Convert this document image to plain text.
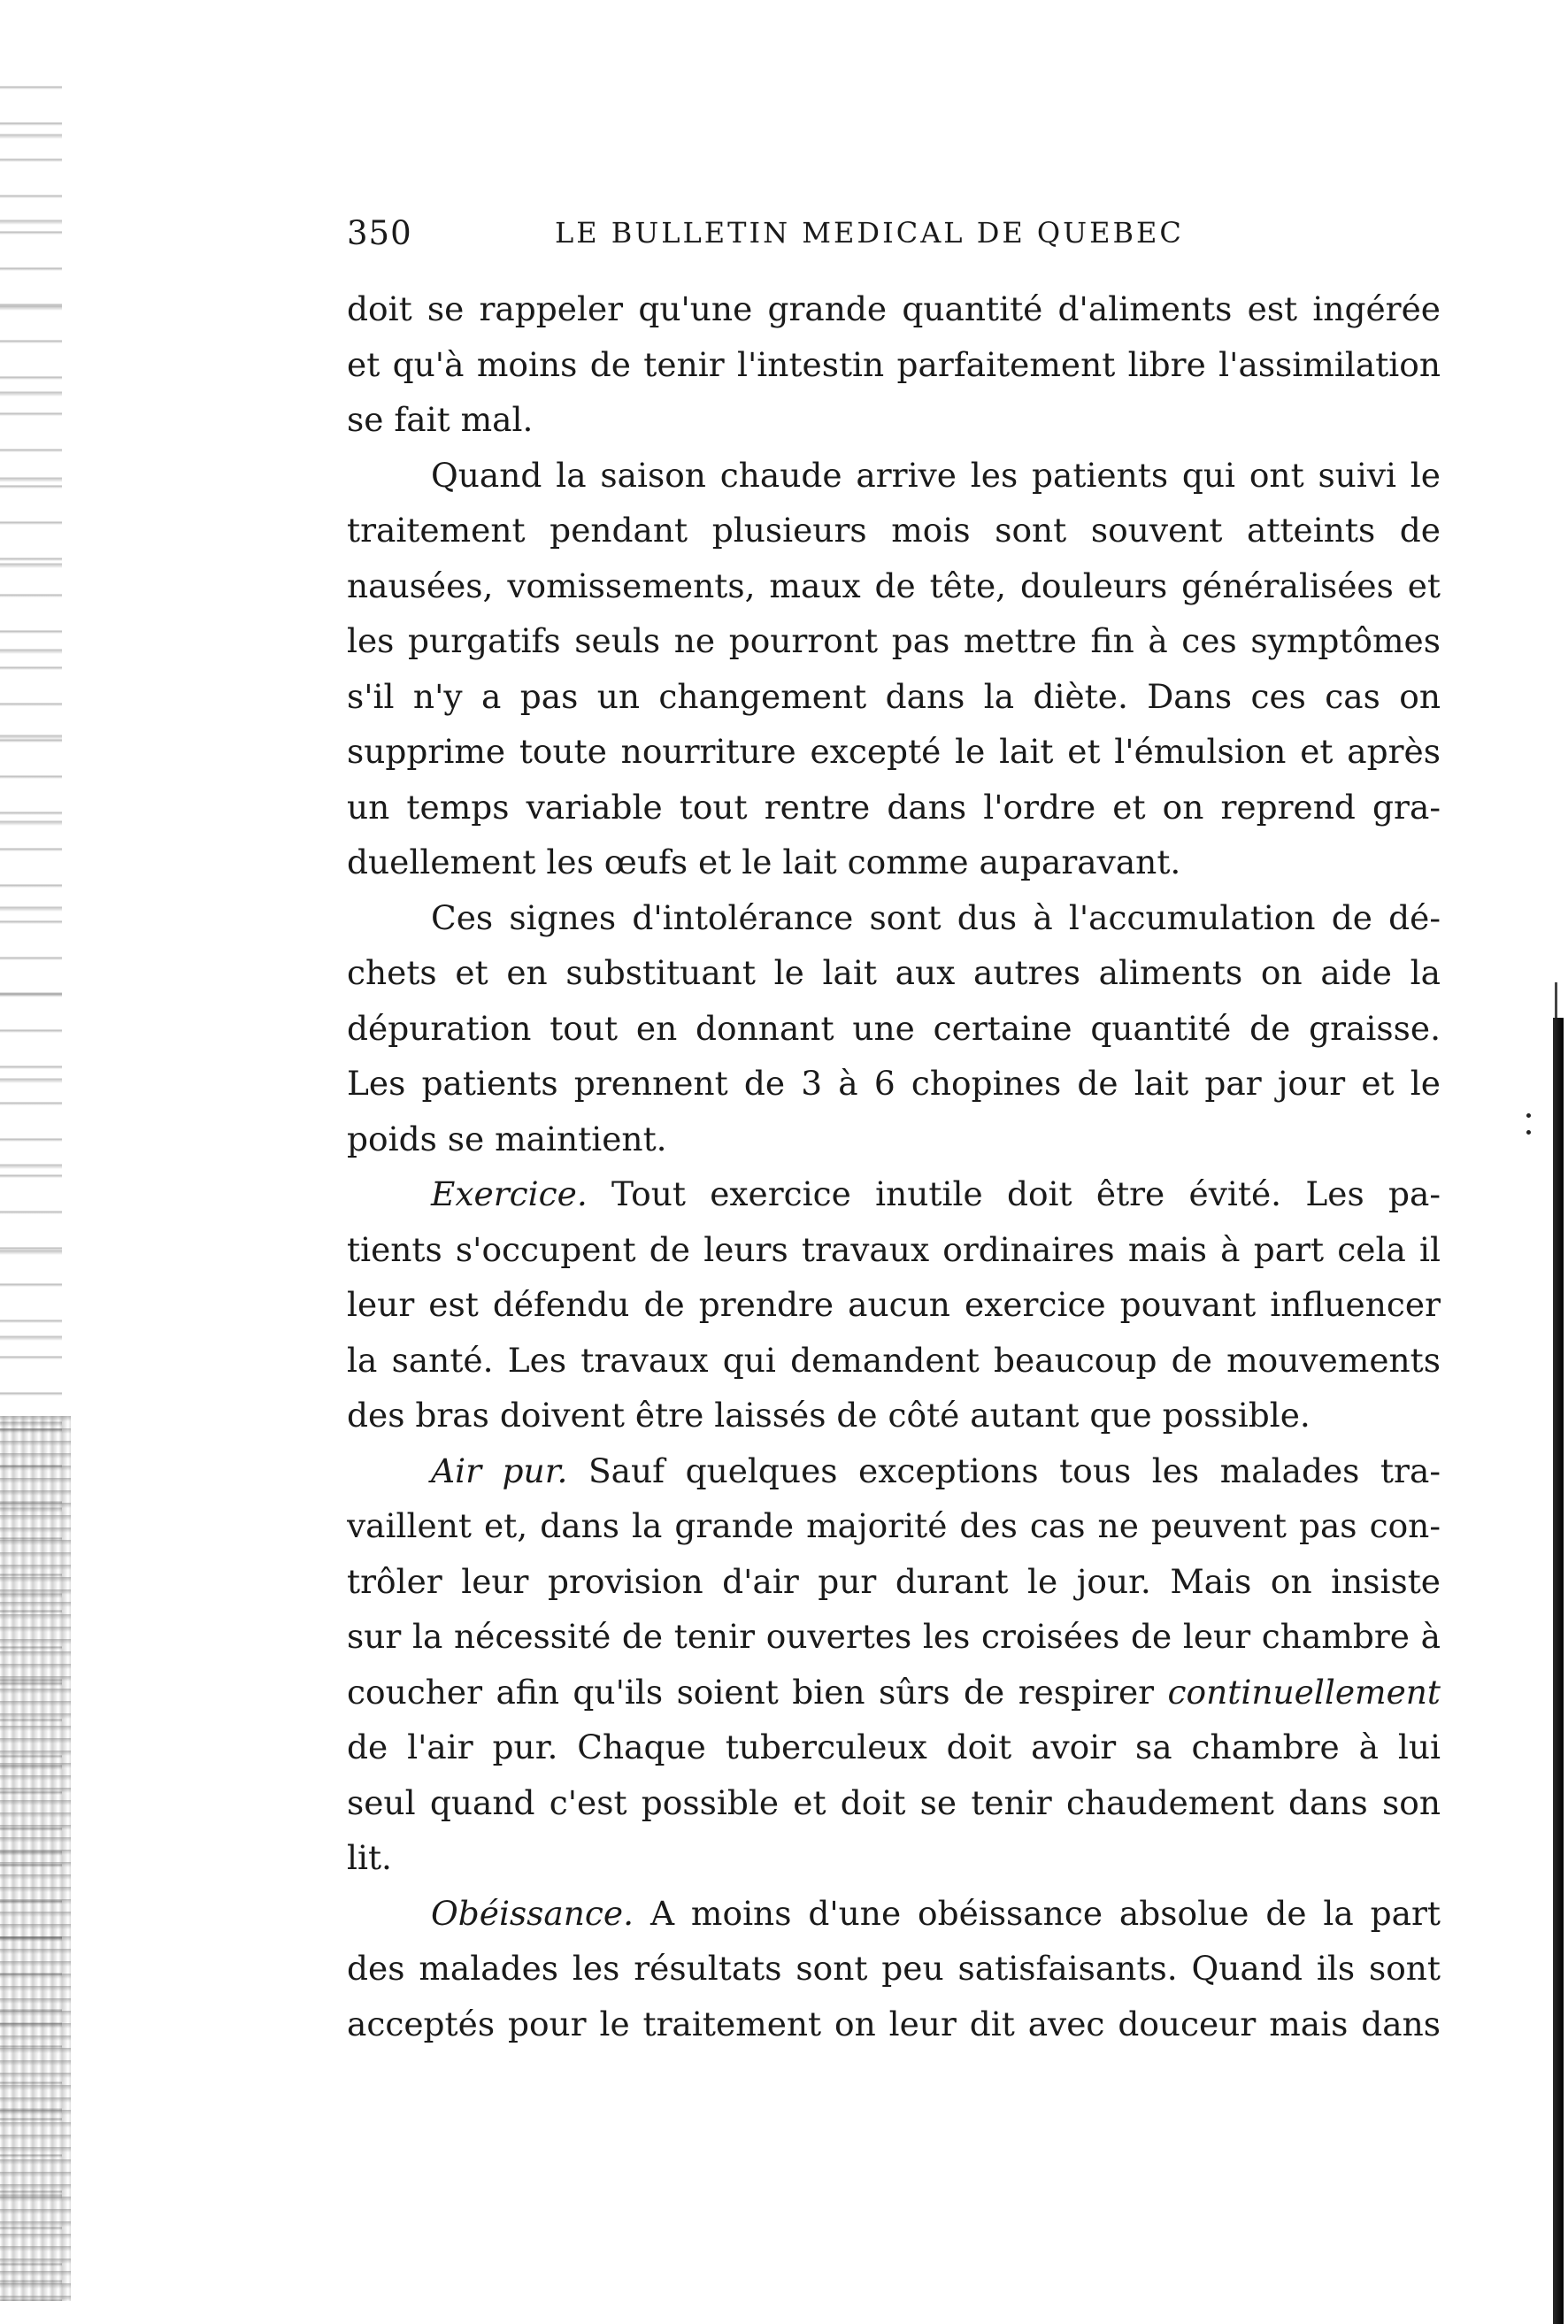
350	LE BULLETIN MEDICAL DE QUEBEC
doit se rappeler qu'une grande quantité d'aliments est ingérée
et qu'à moins de tenir l'intestin parfaitement libre l'assimilation
se fait mal.
Quand la saison chaude arrive les patients qui ont suivi le
traitement pendant plusieurs mois sont souvent atteints de
nausées, vomissements, maux de tête, douleurs généralisées et
les purgatifs seuls ne pourront pas mettre fin à ces symptômes
s'il n'y a pas un changement dans la diète. Dans ces cas on
supprime toute nourriture excepté le lait et l'émulsion et après
un temps variable tout rentre dans l'ordre et on reprend gra-
duellement les œufs et le lait comme auparavant.
Ces signes d'intolérance sont dus à l'accumulation de dé-
chets et en substituant le lait aux autres aliments on aide la
dépuration tout en donnant une certaine quantité de graisse.
Les patients prennent de 3 à 6 chopines de lait par jour et le
poids se maintient.
Exercice. Tout exercice inutile doit être évité. Les pa-
tients s'occupent de leurs travaux ordinaires mais à part cela il
leur est défendu de prendre aucun exercice pouvant influencer
la santé. Les travaux qui demandent beaucoup de mouvements
des bras doivent être laissés de côté autant que possible.
Air pur. Sauf quelques exceptions tous les malades tra-
vaillent et, dans la grande majorité des cas ne peuvent pas con-
trôler leur provision d'air pur durant le jour. Mais on insiste
sur la nécessité de tenir ouvertes les croisées de leur chambre à
coucher afin qu'ils soient bien sûrs de respirer continuellement
de l'air pur. Chaque tuberculeux doit avoir sa chambre à lui
seul quand c'est possible et doit se tenir chaudement dans son
lit.
Obéissance. A moins d'une obéissance absolue de la part
des malades les résultats sont peu satisfaisants. Quand ils sont
acceptés pour le traitement on leur dit avec douceur mais dans
